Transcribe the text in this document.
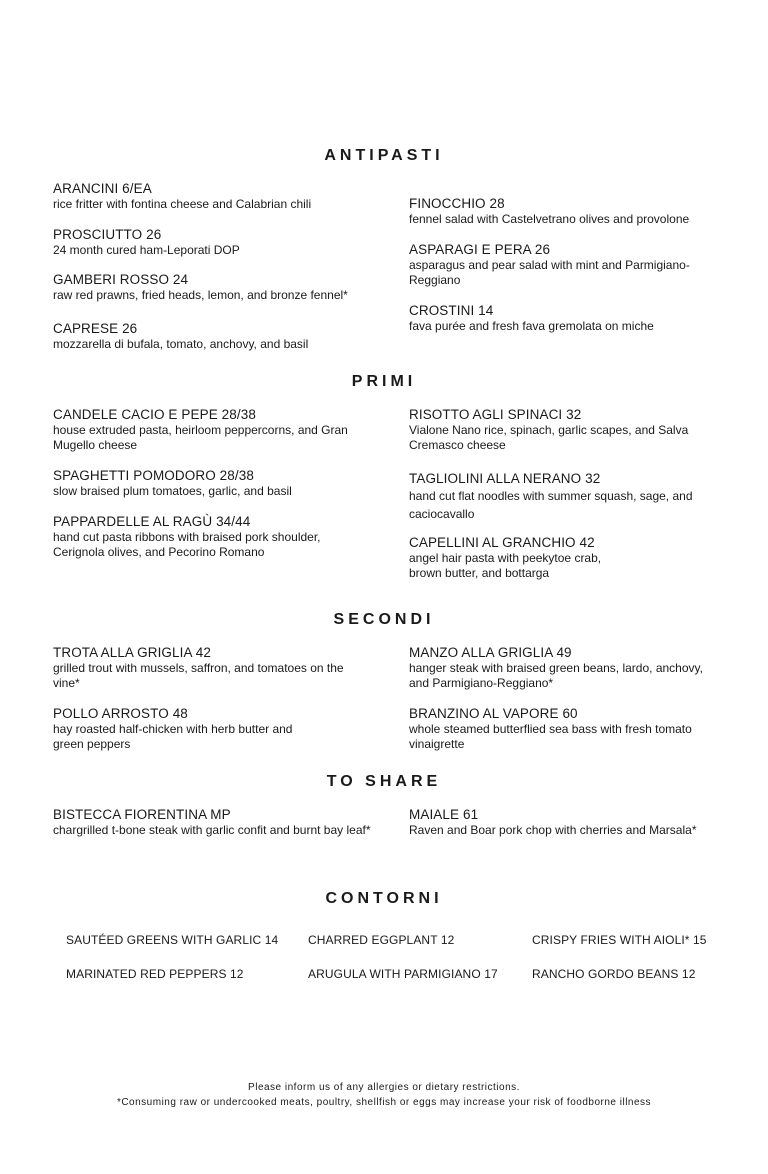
ANTIPASTI
ARANCINI 6/EA
rice fritter with fontina cheese and Calabrian chili
PROSCIUTTO 26
24 month cured ham-Leporati DOP
GAMBERI ROSSO 24
raw red prawns, fried heads, lemon, and bronze fennel*
CAPRESE 26
mozzarella di bufala, tomato, anchovy, and basil
FINOCCHIO 28
fennel salad with Castelvetrano olives and provolone
ASPARAGI E PERA 26
asparagus and pear salad with mint and Parmigiano-Reggiano
CROSTINI 14
fava purée and fresh fava gremolata on miche
PRIMI
CANDELE CACIO E PEPE 28/38
house extruded pasta, heirloom peppercorns, and Gran Mugello cheese
SPAGHETTI POMODORO 28/38
slow braised plum tomatoes, garlic, and basil
PAPPARDELLE AL RAGÙ 34/44
hand cut pasta ribbons with braised pork shoulder, Cerignola olives, and Pecorino Romano
RISOTTO AGLI SPINACI 32
Vialone Nano rice, spinach, garlic scapes, and Salva Cremasco cheese
TAGLIOLINI ALLA NERANO 32
hand cut flat noodles with summer squash, sage, and caciocavallo
CAPELLINI AL GRANCHIO 42
angel hair pasta with peekytoe crab, brown butter, and bottarga
SECONDI
TROTA ALLA GRIGLIA 42
grilled trout with mussels, saffron, and tomatoes on the vine*
POLLO ARROSTO 48
hay roasted half-chicken with herb butter and green peppers
MANZO ALLA GRIGLIA 49
hanger steak with braised green beans, lardo, anchovy, and Parmigiano-Reggiano*
BRANZINO AL VAPORE 60
whole steamed butterflied sea bass with fresh tomato vinaigrette
TO SHARE
BISTECCA FIORENTINA MP
chargrilled t-bone steak with garlic confit and burnt bay leaf*
MAIALE 61
Raven and Boar pork chop with cherries and Marsala*
CONTORNI
SAUTÉED GREENS WITH GARLIC 14 CHARRED EGGPLANT 12	CRISPY FRIES WITH AIOLI* 15
MARINATED RED PEPPERS 12	ARUGULA WITH PARMIGIANO 17	RANCHO GORDO BEANS 12
Please inform us of any allergies or dietary restrictions.
*Consuming raw or undercooked meats, poultry, shellfish or eggs may increase your risk of foodborne illness
